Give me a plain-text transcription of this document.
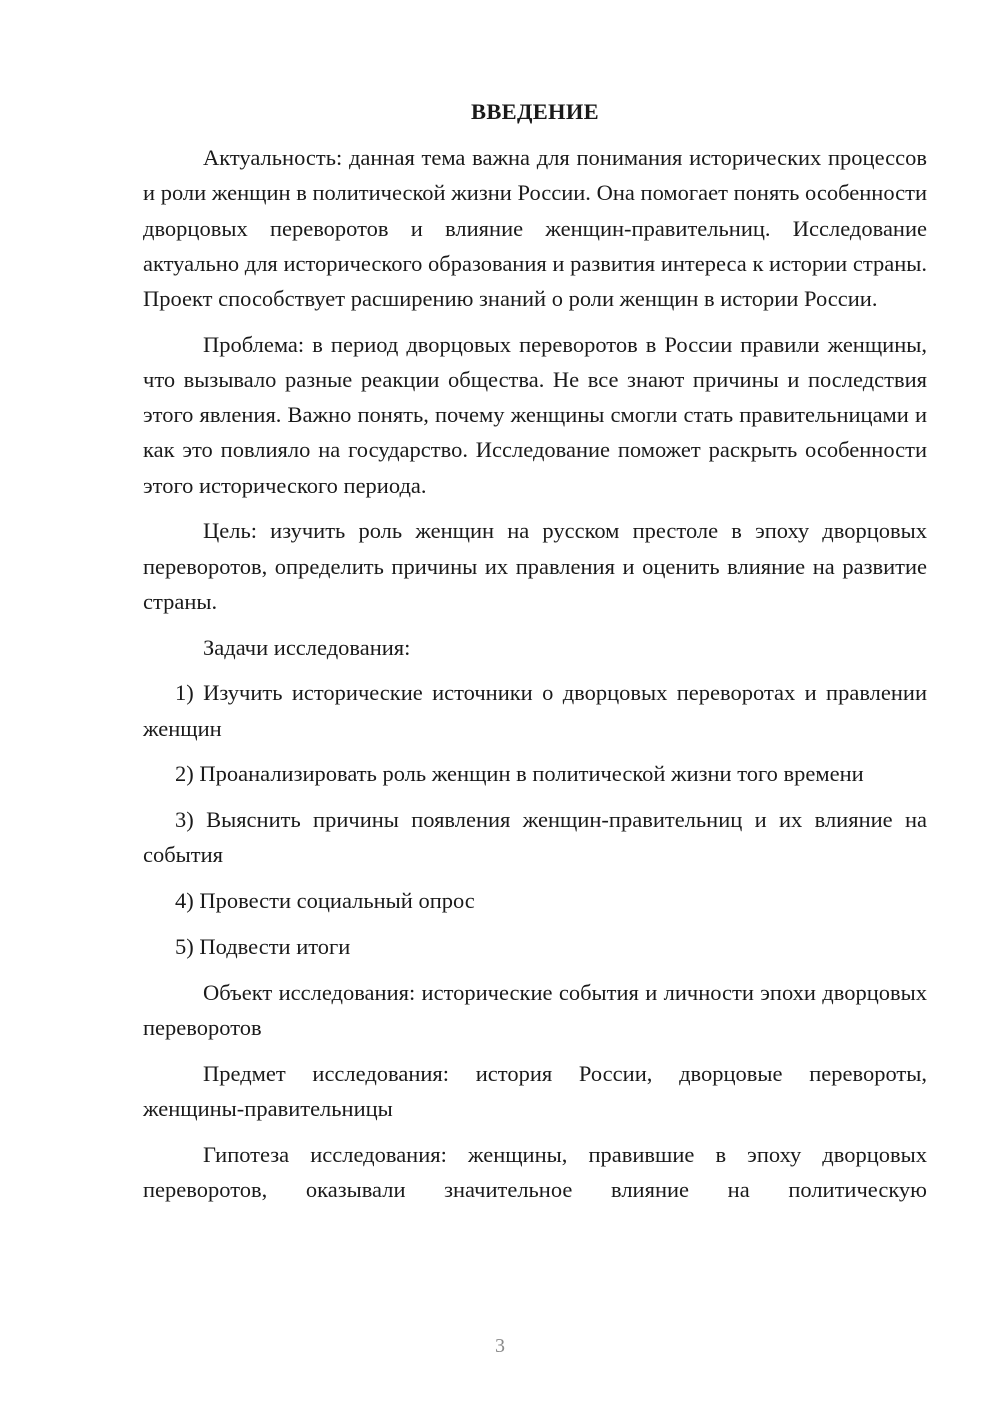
ВВЕДЕНИЕ

Актуальность: данная тема важна для понимания исторических процессов и роли женщин в политической жизни России. Она помогает понять особенности дворцовых переворотов и влияние женщин-правительниц. Исследование актуально для исторического образования и развития интереса к истории страны. Проект способствует расширению знаний о роли женщин в истории России.

Проблема: в период дворцовых переворотов в России правили женщины, что вызывало разные реакции общества. Не все знают причины и последствия этого явления. Важно понять, почему женщины смогли стать правительницами и как это повлияло на государство. Исследование поможет раскрыть особенности этого исторического периода.

Цель: изучить роль женщин на русском престоле в эпоху дворцовых переворотов, определить причины их правления и оценить влияние на развитие страны.

Задачи исследования:

1) Изучить исторические источники о дворцовых переворотах и правлении женщин

2) Проанализировать роль женщин в политической жизни того времени

3) Выяснить причины появления женщин-правительниц и их влияние на события

4) Провести социальный опрос

5) Подвести итоги

Объект исследования: исторические события и личности эпохи дворцовых переворотов

Предмет исследования: история России, дворцовые перевороты, женщины-правительницы

Гипотеза исследования: женщины, правившие в эпоху дворцовых переворотов, оказывали значительное влияние на политическую

3
